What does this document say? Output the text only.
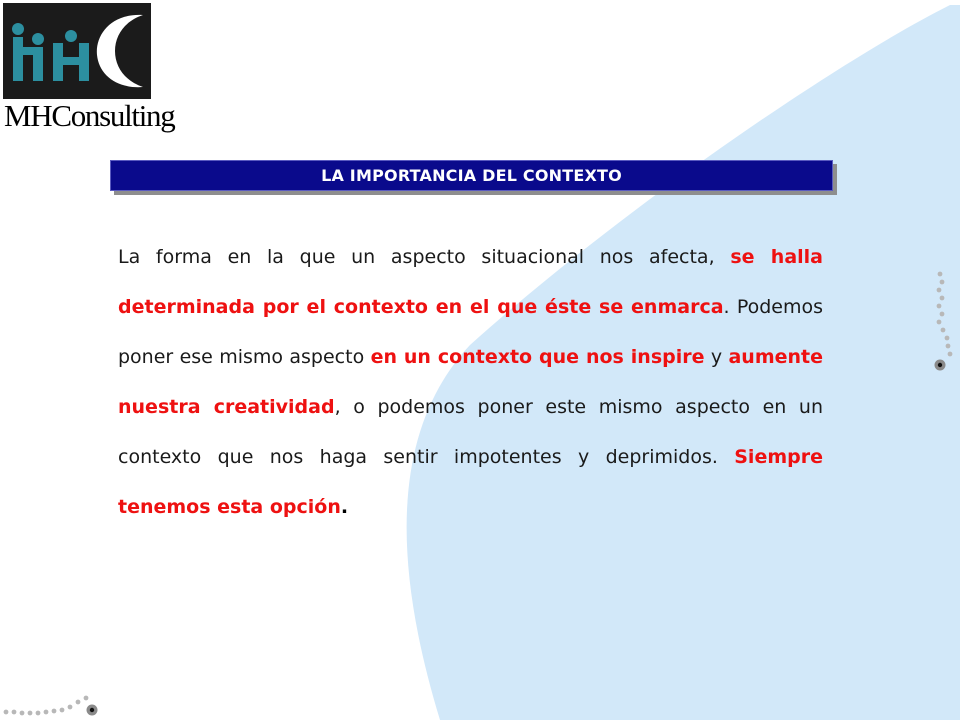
MHConsulting
LA IMPORTANCIA DEL CONTEXTO

La forma en la que un aspecto situacional nos afecta, se halla determinada por el contexto en el que éste se enmarca. Podemos poner ese mismo aspecto en un contexto que nos inspire y aumente nuestra creatividad, o podemos poner este mismo aspecto en un contexto que nos haga sentir impotentes y deprimidos. Siempre tenemos esta opción.
